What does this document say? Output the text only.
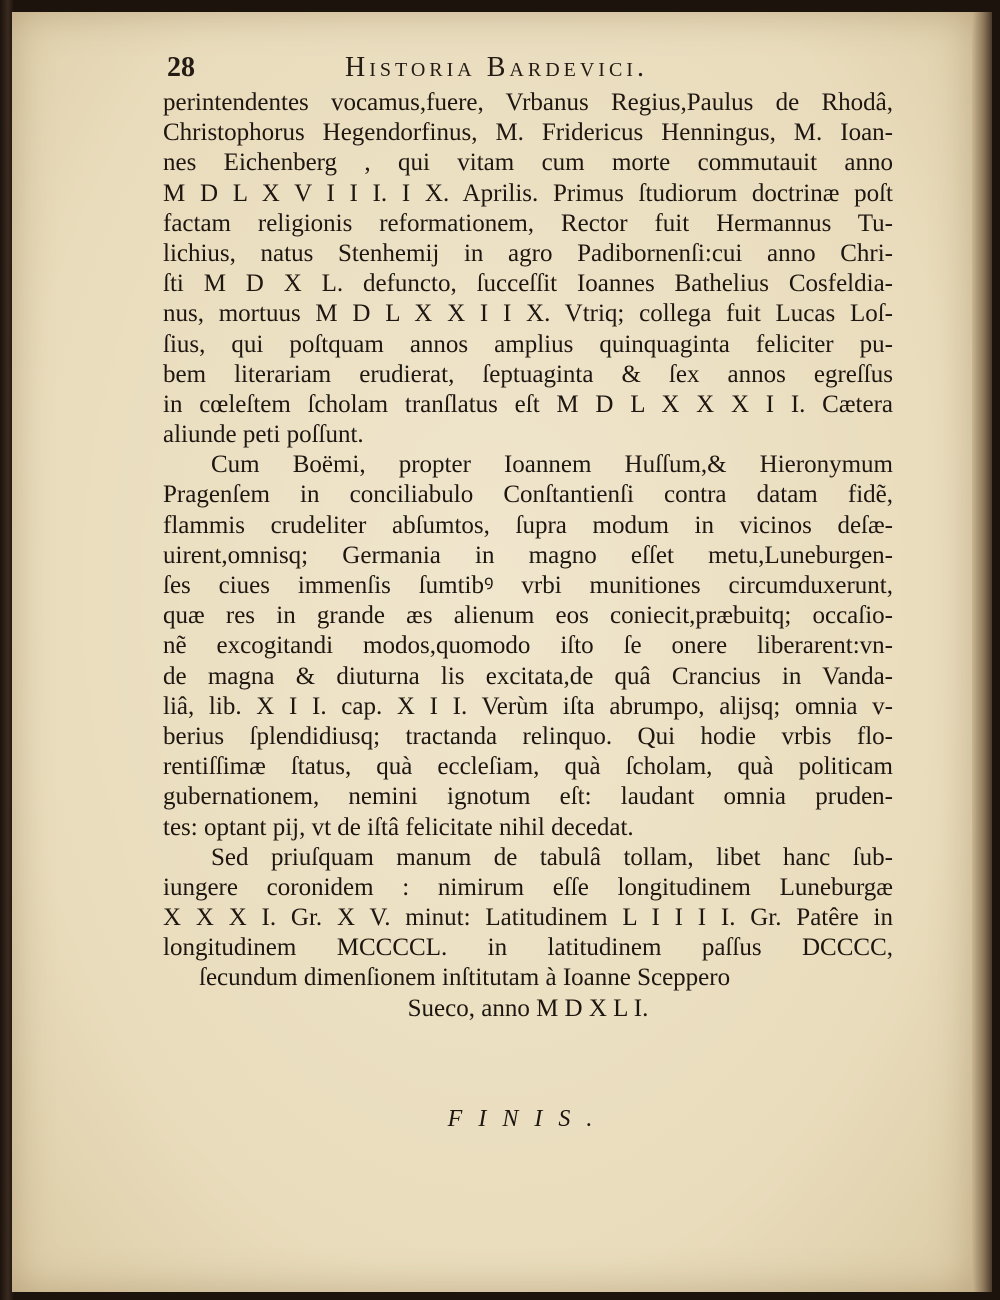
28	Historia Bardevici.
perintendentes vocamus,fuere, Vrbanus Regius,Paulus de Rhodâ,
Christophorus Hegendorfinus, M. Fridericus Henningus, M. Ioan-
nes Eichenberg , qui vitam cum morte commutauit anno
M D L X V I I I. I X. Aprilis. Primus ſtudiorum doctrinæ poſt
factam religionis reformationem, Rector fuit Hermannus Tu-
lichius, natus Stenhemij in agro Padibornenſi:cui anno Chri-
ſti M D X L. defuncto, ſucceſſit Ioannes Bathelius Cosfeldia-
nus, mortuus M D L X X I I X. Vtriq; collega fuit Lucas Loſ-
ſius, qui poſtquam annos amplius quinquaginta feliciter pu-
bem literariam erudierat, ſeptuaginta & ſex annos egreſſus
in cœleſtem ſcholam tranſlatus eſt M D L X X X I I. Cætera
aliunde peti poſſunt.
Cum Boëmi, propter Ioannem Huſſum,& Hieronymum
Pragenſem in conciliabulo Conſtantienſi contra datam fidẽ,
flammis crudeliter abſumtos, ſupra modum in vicinos deſæ-
uirent,omnisq; Germania in magno eſſet metu,Luneburgen-
ſes ciues immenſis ſumtibꝰ vrbi munitiones circumduxerunt,
quæ res in grande æs alienum eos coniecit,præbuitq; occaſio-
nẽ excogitandi modos,quomodo iſto ſe onere liberarent:vn-
de magna & diuturna lis excitata,de quâ Crancius in Vanda-
liâ, lib. X I I. cap. X I I. Verùm iſta abrumpo, alijsq; omnia v-
berius ſplendidiusq; tractanda relinquo. Qui hodie vrbis flo-
rentiſſimæ ſtatus, quà eccleſiam, quà ſcholam, quà politicam
gubernationem, nemini ignotum eſt: laudant omnia pruden-
tes: optant pij, vt de iſtâ felicitate nihil decedat.
Sed priuſquam manum de tabulâ tollam, libet hanc ſub-
iungere coronidem : nimirum eſſe longitudinem Luneburgæ
X X X I. Gr. X V. minut: Latitudinem L I I I I. Gr. Patêre in
longitudinem MCCCCL. in latitudinem paſſus DCCCC,
ſecundum dimenſionem inſtitutam à Ioanne Sceppero
Sueco, anno M D X L I.
FINIS.
